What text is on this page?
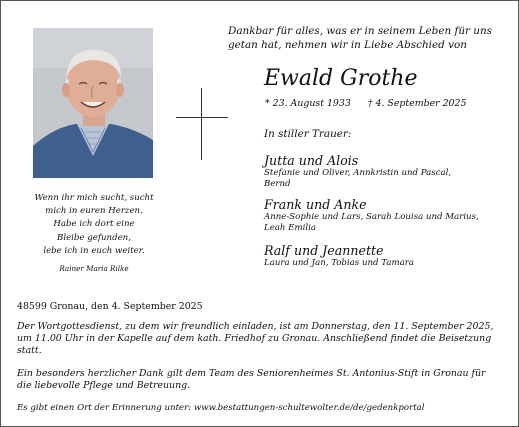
Wenn ihr mich sucht, sucht
mich in euren Herzen.
Habe ich dort eine
Bleibe gefunden,
lebe ich in euch weiter.
Rainer Maria Rilke
Dankbar für alles, was er in seinem Leben für uns
getan hat, nehmen wir in Liebe Abschied von
Ewald Grothe
* 23. August 1933 † 4. September 2025
In stiller Trauer:
Jutta und Alois
Stefanie und Oliver, Annkristin und Pascal,
Bernd
Frank und Anke
Anne-Sophie und Lars, Sarah Louisa und Marius,
Leah Emilia
Ralf und Jeannette
Laura und Jan, Tobias und Tamara
48599 Gronau, den 4. September 2025
Der Wortgottesdienst, zu dem wir freundlich einladen, ist am Donnerstag, den 11. September 2025,
um 11.00 Uhr in der Kapelle auf dem kath. Friedhof zu Gronau. Anschließend findet die Beisetzung
statt.
Ein besonders herzlicher Dank gilt dem Team des Seniorenheimes St. Antonius-Stift in Gronau für
die liebevolle Pflege und Betreuung.
Es gibt einen Ort der Erinnerung unter: www.bestattungen-schultewolter.de/de/gedenkportal
